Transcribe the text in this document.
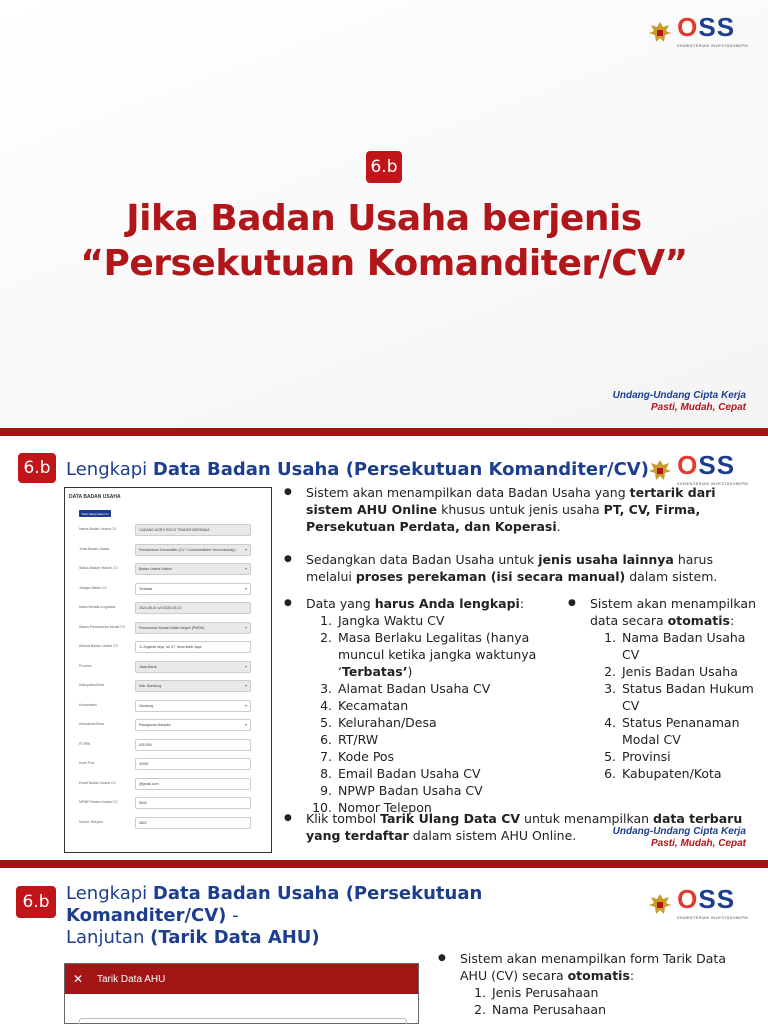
OSS
KEMENTERIAN INVESTASI/BKPM
6.b
Jika Badan Usaha berjenis
“Persekutuan Komanditer/CV”
Undang-Undang Cipta Kerja
Pasti, Mudah, Cepat
6.b Lengkapi Data Badan Usaha (Persekutuan Komanditer/CV) OSS
KEMENTERIAN INVESTASI/BKPM
DATA BADAN USAHA
Tarik Ulang Data CV
Nama Badan Usaha CV	CADANG AGRO ROCK TRADER BERSAMA
Jenis Badan Usaha	Persekutuan Komanditer (CV / Commanditaire Vennootschap) ▾
Status Badan Hukum CV	Badan Usaha Hukum	▾
Jangka Waktu CV	Terbatas	▾
Masa Berlaku Legalitas	2024-05-01 s/d 2025-05-02
Status Penanaman Modal CV	Penanaman Modal Dalam Negeri (PMDN)	▾
Alamat Badan Usaha CV	Jl. Angkrek raya, rw. 07, desa teluk Jaya
Provinsi	Jawa Barat	▾
Kabupaten/Kota	Kab. Bandung	▾
Kecamatan	Cimaung	▾
Kelurahan/Desa	Pasirgandu Nanjaka	▾
RT/RW	001/004
Kode Pos	40991
Email Badan Usaha CV	@gmail.com
NPWP Badan Usaha CV	8642
Nomor Telepon	0822
● Sistem akan menampilkan data Badan Usaha yang tertarik dari sistem AHU Online khusus untuk jenis usaha PT, CV, Firma, Persekutuan Perdata, dan Koperasi.
● Sedangkan data Badan Usaha untuk jenis usaha lainnya harus melalui proses perekaman (isi secara manual) dalam sistem.
● Data yang harus Anda lengkapi:
1. Jangka Waktu CV
2. Masa Berlaku Legalitas (hanya muncul ketika jangka waktunya ‘Terbatas’)
3. Alamat Badan Usaha CV
4. Kecamatan
5. Kelurahan/Desa
6. RT/RW
7. Kode Pos
8. Email Badan Usaha CV
9. NPWP Badan Usaha CV
10. Nomor Telepon
● Sistem akan menampilkan data secara otomatis:
1. Nama Badan Usaha CV
2. Jenis Badan Usaha
3. Status Badan Hukum CV
4. Status Penanaman Modal CV
5. Provinsi
6. Kabupaten/Kota
● Klik tombol Tarik Ulang Data CV untuk menampilkan data terbaru yang terdaftar dalam sistem AHU Online.	Undang-Undang Cipta Kerja
Pasti, Mudah, Cepat
6.b Lengkapi Data Badan Usaha (Persekutuan Komanditer/CV) -
Lanjutan (Tarik Data AHU)
OSS
KEMENTERIAN INVESTASI/BKPM
✕	Tarik Data AHU
● Sistem akan menampilkan form Tarik Data AHU (CV) secara otomatis:
1. Jenis Perusahaan
2. Nama Perusahaan
